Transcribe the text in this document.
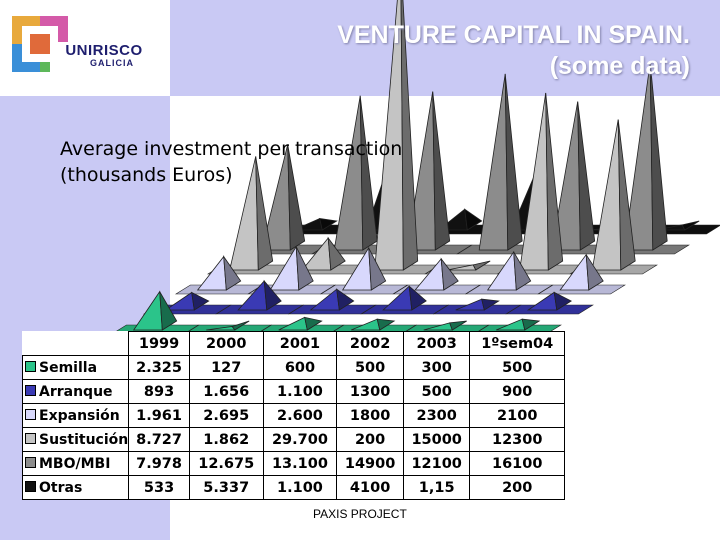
UNIRISCO
GALICIA
VENTURE CAPITAL IN SPAIN.
(some data)
Average investment per transaction
(thousands Euros)
	1999	2000	2001	2002	2003	1ºsem04
Semilla	2.325	127	600	500	300	500
Arranque	893	1.656	1.100	1300	500	900
Expansión	1.961	2.695	2.600	1800	2300	2100
Sustitución	8.727	1.862	29.700	200	15000	12300
MBO/MBI	7.978	12.675	13.100	14900	12100	16100
Otras	533	5.337	1.100	4100	1,15	200
PAXIS PROJECT
